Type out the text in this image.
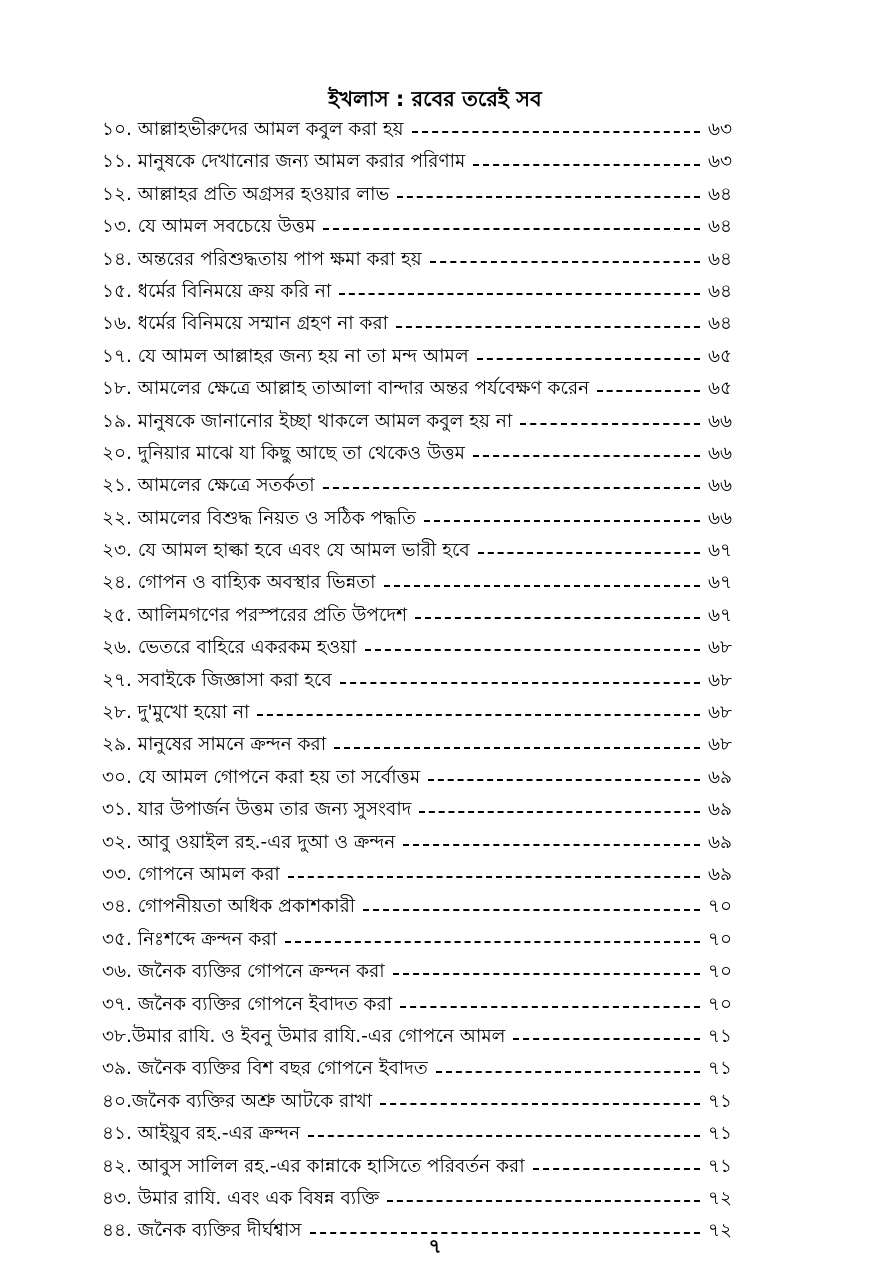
ইখলাস : রবের তরেই সব
১০. আল্লাহভীরুদের আমল কবুল করা হয়	৬৩
১১. মানুষকে দেখানোর জন্য আমল করার পরিণাম	৬৩
১২. আল্লাহর প্রতি অগ্রসর হওয়ার লাভ	৬৪
১৩. যে আমল সবচেয়ে উত্তম	৬৪
১৪. অন্তরের পরিশুদ্ধতায় পাপ ক্ষমা করা হয়	৬৪
১৫. ধর্মের বিনিময়ে ক্রয় করি না	৬৪
১৬. ধর্মের বিনিময়ে সম্মান গ্রহণ না করা	৬৪
১৭. যে আমল আল্লাহর জন্য হয় না তা মন্দ আমল	৬৫
১৮. আমলের ক্ষেত্রে আল্লাহ তাআলা বান্দার অন্তর পর্যবেক্ষণ করেন	৬৫
১৯. মানুষকে জানানোর ইচ্ছা থাকলে আমল কবুল হয় না	৬৬
২০. দুনিয়ার মাঝে যা কিছু আছে তা থেকেও উত্তম	৬৬
২১. আমলের ক্ষেত্রে সতর্কতা	৬৬
২২. আমলের বিশুদ্ধ নিয়ত ও সঠিক পদ্ধতি	৬৬
২৩. যে আমল হাল্কা হবে এবং যে আমল ভারী হবে	৬৭
২৪. গোপন ও বাহ্যিক অবস্থার ভিন্নতা	৬৭
২৫. আলিমগণের পরস্পরের প্রতি উপদেশ	৬৭
২৬. ভেতরে বাহিরে একরকম হওয়া	৬৮
২৭. সবাইকে জিজ্ঞাসা করা হবে	৬৮
২৮. দু'মুখো হয়ো না	৬৮
২৯. মানুষের সামনে ক্রন্দন করা	৬৮
৩০. যে আমল গোপনে করা হয় তা সর্বোত্তম	৬৯
৩১. যার উপার্জন উত্তম তার জন্য সুসংবাদ	৬৯
৩২. আবু ওয়াইল রহ.-এর দুআ ও ক্রন্দন	৬৯
৩৩. গোপনে আমল করা	৬৯
৩৪. গোপনীয়তা অধিক প্রকাশকারী	৭০
৩৫. নিঃশব্দে ক্রন্দন করা	৭০
৩৬. জনৈক ব্যক্তির গোপনে ক্রন্দন করা	৭০
৩৭. জনৈক ব্যক্তির গোপনে ইবাদত করা	৭০
৩৮.উমার রাযি. ও ইবনু উমার রাযি.-এর গোপনে আমল	৭১
৩৯. জনৈক ব্যক্তির বিশ বছর গোপনে ইবাদত	৭১
৪০.জনৈক ব্যক্তির অশ্রু আটকে রাখা	৭১
৪১. আইয়ুব রহ.-এর ক্রন্দন	৭১
৪২. আবুস সালিল রহ.-এর কান্নাকে হাসিতে পরিবর্তন করা	৭১
৪৩. উমার রাযি. এবং এক বিষন্ন ব্যক্তি	৭২
৪৪. জনৈক ব্যক্তির দীর্ঘশ্বাস	৭২
৭
